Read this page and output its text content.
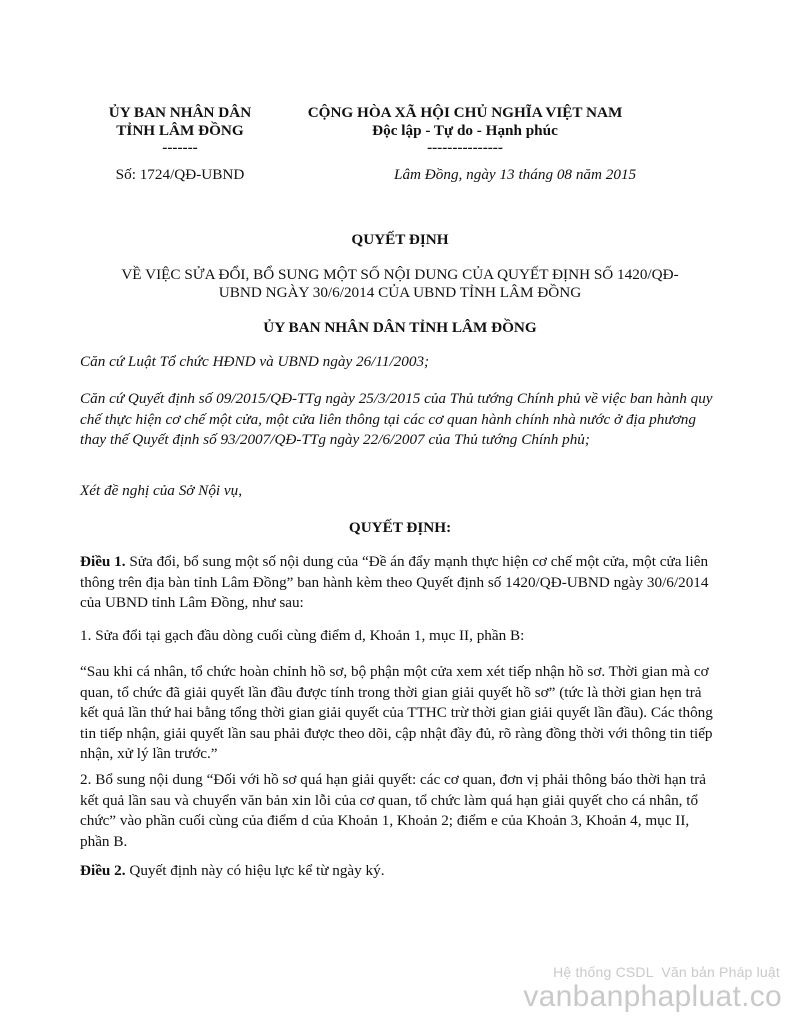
ỦY BAN NHÂN DÂN
TỈNH LÂM ĐỒNG
-------
Số: 1724/QĐ-UBND
CỘNG HÒA XÃ HỘI CHỦ NGHĨA VIỆT NAM
Độc lập - Tự do - Hạnh phúc
---------------
Lâm Đồng, ngày 13 tháng 08 năm 2015
QUYẾT ĐỊNH
VỀ VIỆC SỬA ĐỔI, BỔ SUNG MỘT SỐ NỘI DUNG CỦA QUYẾT ĐỊNH SỐ 1420/QĐ-
UBND NGÀY 30/6/2014 CỦA UBND TỈNH LÂM ĐỒNG
ỦY BAN NHÂN DÂN TỈNH LÂM ĐỒNG
Căn cứ Luật Tổ chức HĐND và UBND ngày 26/11/2003;
Căn cứ Quyết định số 09/2015/QĐ-TTg ngày 25/3/2015 của Thủ tướng Chính phủ về việc ban hành quy chế thực hiện cơ chế một cửa, một cửa liên thông tại các cơ quan hành chính nhà nước ở địa phương thay thế Quyết định số 93/2007/QĐ-TTg ngày 22/6/2007 của Thủ tướng Chính phủ;
Xét đề nghị của Sở Nội vụ,
QUYẾT ĐỊNH:
Điều 1. Sửa đổi, bổ sung một số nội dung của “Đề án đẩy mạnh thực hiện cơ chế một cửa, một cửa liên thông trên địa bàn tỉnh Lâm Đồng” ban hành kèm theo Quyết định số 1420/QĐ-UBND ngày 30/6/2014 của UBND tỉnh Lâm Đồng, như sau:
1. Sửa đổi tại gạch đầu dòng cuối cùng điểm d, Khoản 1, mục II, phần B:
“Sau khi cá nhân, tổ chức hoàn chỉnh hồ sơ, bộ phận một cửa xem xét tiếp nhận hồ sơ. Thời gian mà cơ quan, tổ chức đã giải quyết lần đầu được tính trong thời gian giải quyết hồ sơ” (tức là thời gian hẹn trả kết quả lần thứ hai bằng tổng thời gian giải quyết của TTHC trừ thời gian giải quyết lần đầu). Các thông tin tiếp nhận, giải quyết lần sau phải được theo dõi, cập nhật đầy đủ, rõ ràng đồng thời với thông tin tiếp nhận, xử lý lần trước.”
2. Bổ sung nội dung “Đối với hồ sơ quá hạn giải quyết: các cơ quan, đơn vị phải thông báo thời hạn trả kết quả lần sau và chuyển văn bản xin lỗi của cơ quan, tổ chức làm quá hạn giải quyết cho cá nhân, tổ chức” vào phần cuối cùng của điểm d của Khoản 1, Khoản 2; điểm e của Khoản 3, Khoản 4, mục II, phần B.
Điều 2. Quyết định này có hiệu lực kể từ ngày ký.
Hệ thống CSDL  Văn bản Pháp luật
vanbanphapluat.co
